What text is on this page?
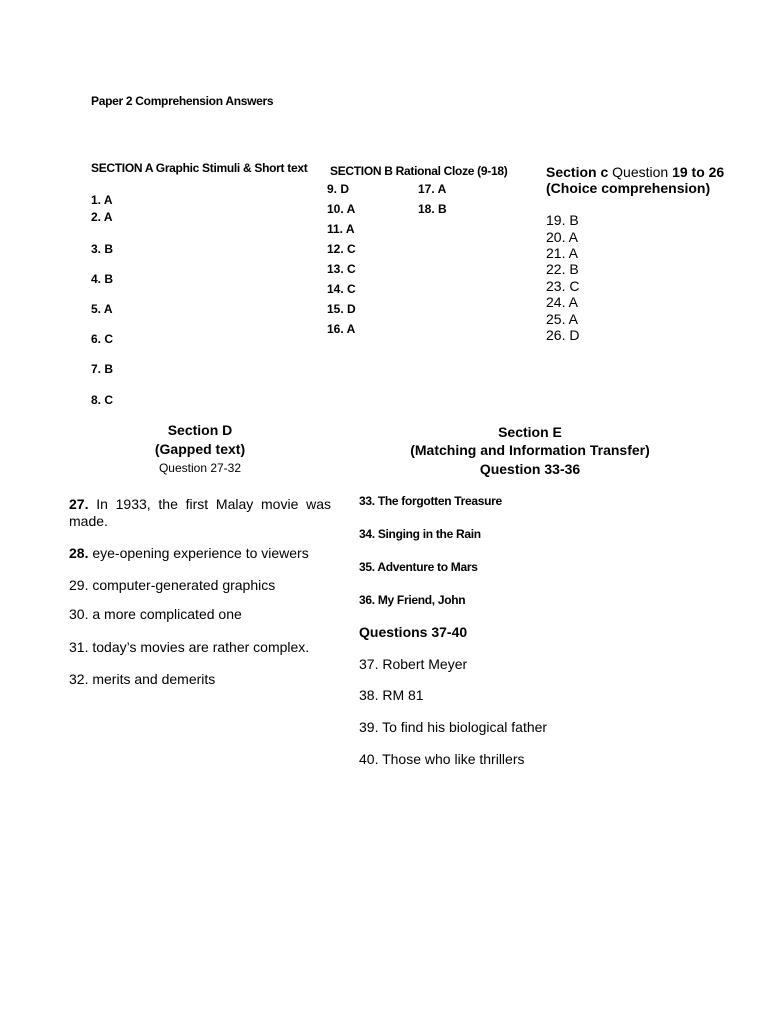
Paper 2 Comprehension Answers
SECTION A Graphic Stimuli & Short text
1. A
2. A
3. B
4. B
5. A
6. C
7. B
8. C
SECTION B Rational Cloze (9-18)
9. D
10. A
11. A
12. C
13. C
14. C
15. D
16. A
17. A
18. B
Section c Question 19 to 26
(Choice comprehension)
19. B
20. A
21. A
22. B
23. C
24. A
25. A
26. D
Section D
(Gapped text)
Question 27-32
Section E
(Matching and Information Transfer)
Question 33-36
27. In 1933, the first Malay movie was made.
28. eye-opening experience to viewers
29. computer-generated graphics
30. a more complicated one
31. today’s movies are rather complex.
32. merits and demerits
33. The forgotten Treasure
34. Singing in the Rain
35. Adventure to Mars
36. My Friend, John
Questions 37-40
37. Robert Meyer
38. RM 81
39. To find his biological father
40. Those who like thrillers
